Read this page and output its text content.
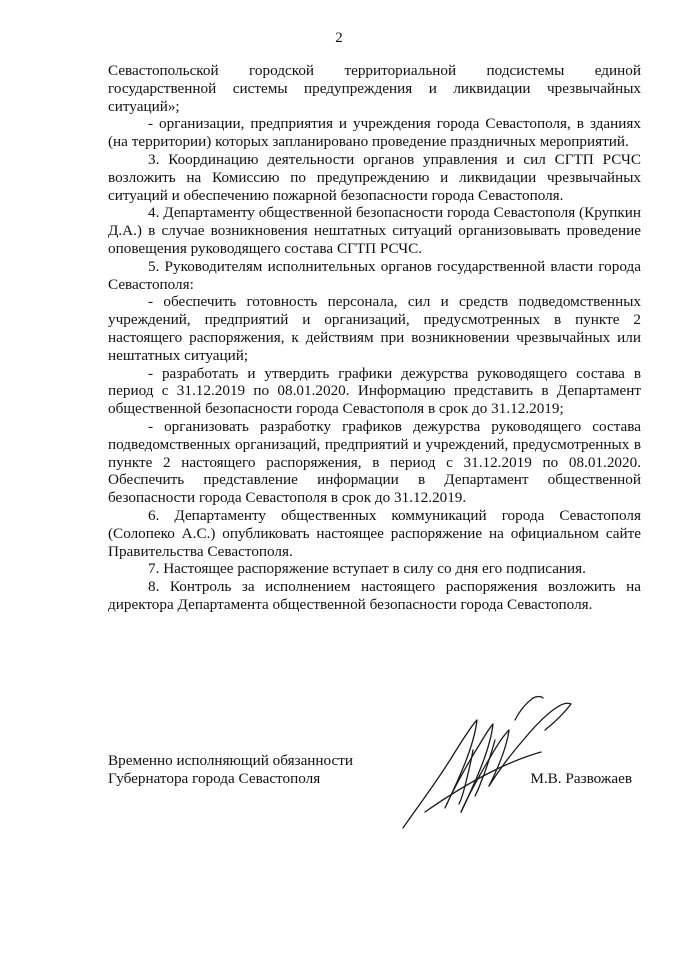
2

Севастопольской городской территориальной подсистемы единой государственной системы предупреждения и ликвидации чрезвычайных ситуаций»;

- организации, предприятия и учреждения города Севастополя, в зданиях (на территории) которых запланировано проведение праздничных мероприятий.

3. Координацию деятельности органов управления и сил СГТП РСЧС возложить на Комиссию по предупреждению и ликвидации чрезвычайных ситуаций и обеспечению пожарной безопасности города Севастополя.

4. Департаменту общественной безопасности города Севастополя (Крупкин Д.А.) в случае возникновения нештатных ситуаций организовывать проведение оповещения руководящего состава СГТП РСЧС.

5. Руководителям исполнительных органов государственной власти города Севастополя:

- обеспечить готовность персонала, сил и средств подведомственных учреждений, предприятий и организаций, предусмотренных в пункте 2 настоящего распоряжения, к действиям при возникновении чрезвычайных или нештатных ситуаций;

- разработать и утвердить графики дежурства руководящего состава в период с 31.12.2019 по 08.01.2020. Информацию представить в Департамент общественной безопасности города Севастополя в срок до 31.12.2019;

- организовать разработку графиков дежурства руководящего состава подведомственных организаций, предприятий и учреждений, предусмотренных в пункте 2 настоящего распоряжения, в период с 31.12.2019 по 08.01.2020. Обеспечить представление информации в Департамент общественной безопасности города Севастополя в срок до 31.12.2019.

6. Департаменту общественных коммуникаций города Севастополя (Солопеко А.С.) опубликовать настоящее распоряжение на официальном сайте Правительства Севастополя.

7. Настоящее распоряжение вступает в силу со дня его подписания.

8. Контроль за исполнением настоящего распоряжения возложить на директора Департамента общественной безопасности города Севастополя.

Временно исполняющий обязанности
Губернатора города Севастополя	М.В. Развожаев
